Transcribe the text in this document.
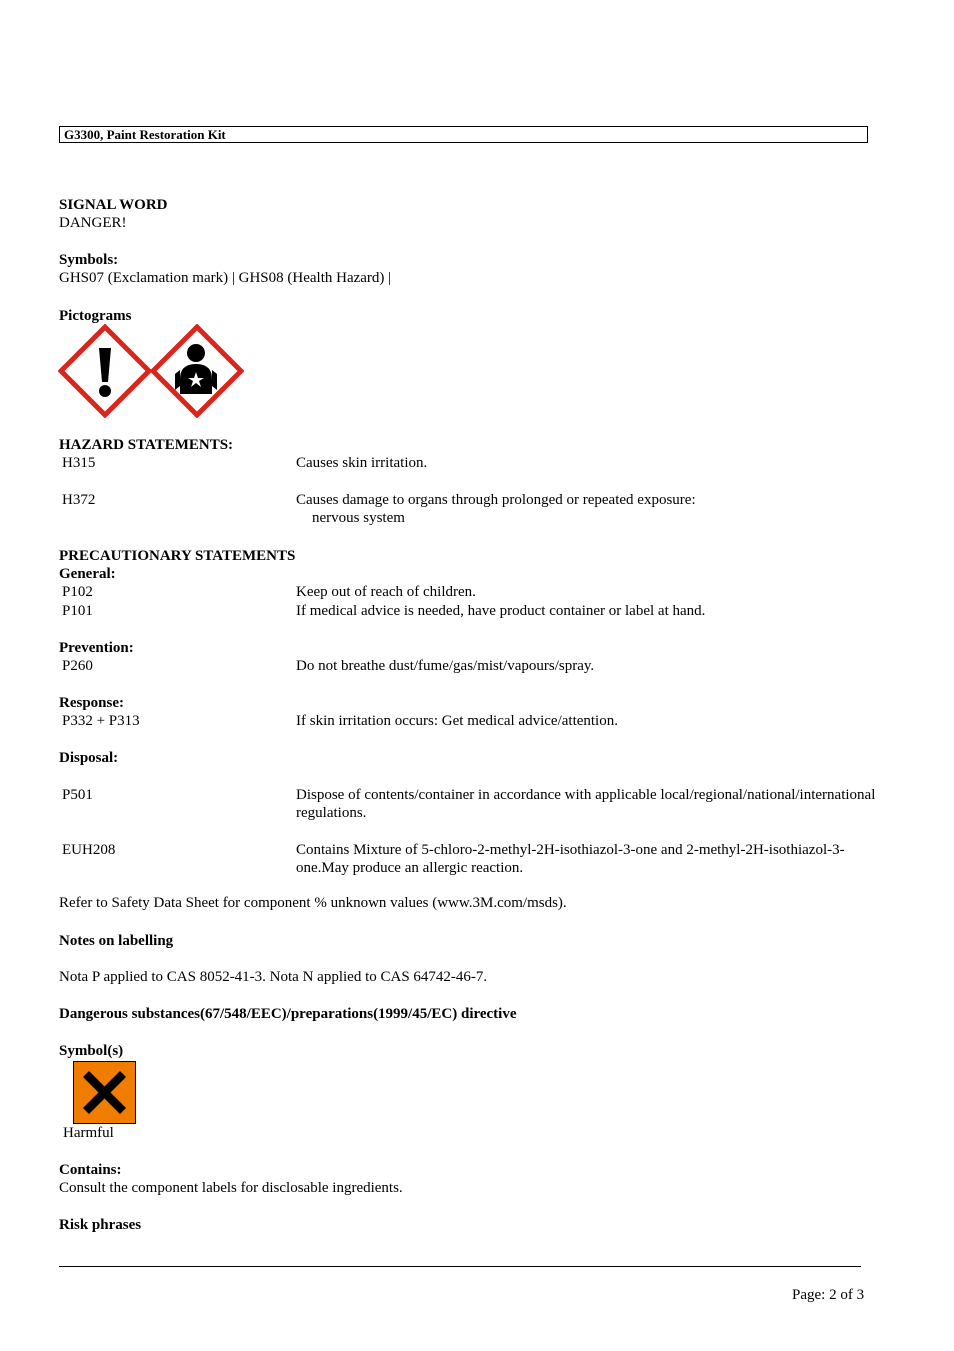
G3300, Paint Restoration Kit
SIGNAL WORD
DANGER!
Symbols:
GHS07 (Exclamation mark) | GHS08 (Health Hazard) |
Pictograms
HAZARD STATEMENTS:
H315	Causes skin irritation.
H372	Causes damage to organs through prolonged or repeated exposure:
nervous system
PRECAUTIONARY STATEMENTS
General:
P102	Keep out of reach of children.
P101	If medical advice is needed, have product container or label at hand.
Prevention:
P260	Do not breathe dust/fume/gas/mist/vapours/spray.
Response:
P332 + P313	If skin irritation occurs: Get medical advice/attention.
Disposal:
P501	Dispose of contents/container in accordance with applicable local/regional/national/international
regulations.
EUH208	Contains Mixture of 5-chloro-2-methyl-2H-isothiazol-3-one and 2-methyl-2H-isothiazol-3-
one.May produce an allergic reaction.
Refer to Safety Data Sheet for component % unknown values (www.3M.com/msds).
Notes on labelling
Nota P applied to CAS 8052-41-3. Nota N applied to CAS 64742-46-7.
Dangerous substances(67/548/EEC)/preparations(1999/45/EC) directive
Symbol(s)
Harmful
Contains:
Consult the component labels for disclosable ingredients.
Risk phrases
Page: 2 of 3
